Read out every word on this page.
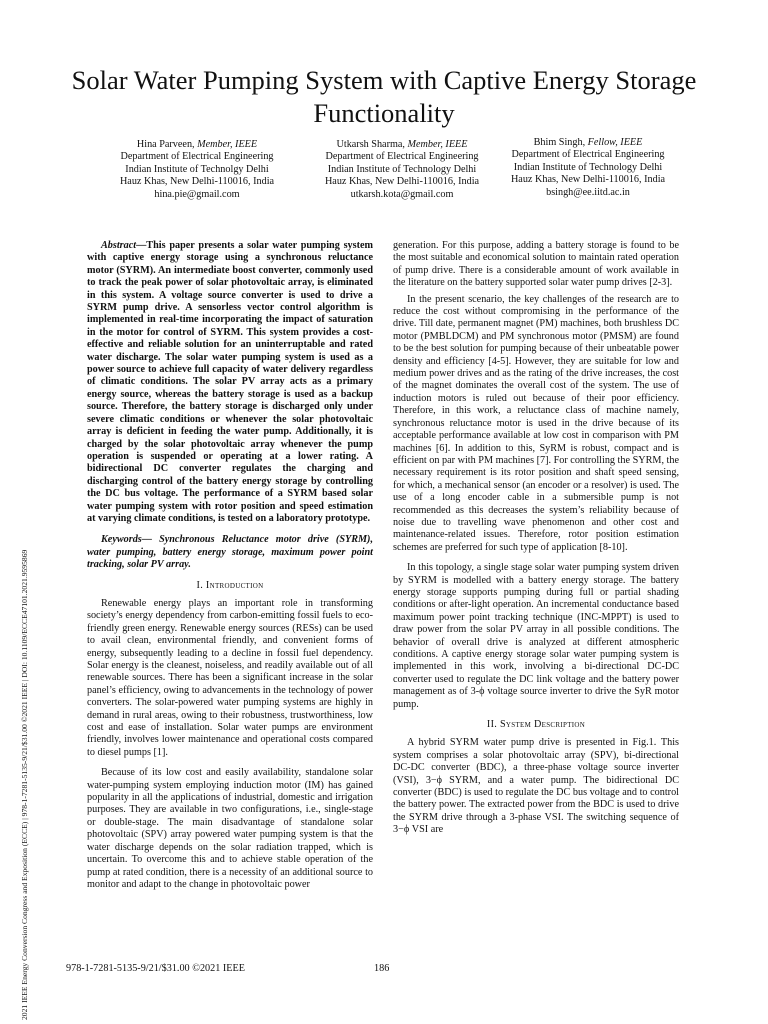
Solar Water Pumping System with Captive Energy Storage Functionality
Hina Parveen, Member, IEEE
Department of Electrical Engineering
Indian Institute of Technolgy Delhi
Hauz Khas, New Delhi-110016, India
hina.pie@gmail.com
Utkarsh Sharma, Member, IEEE
Department of Electrical Engineering
Indian Institute of Technology Delhi
Hauz Khas, New Delhi-110016, India
utkarsh.kota@gmail.com
Bhim Singh, Fellow, IEEE
Department of Electrical Engineering
Indian Institute of Technology Delhi
Hauz Khas, New Delhi-110016, India
bsingh@ee.iitd.ac.in
2021 IEEE Energy Conversion Congress and Exposition (ECCE) | 978-1-7281-5135-9/21/$31.00 ©2021 IEEE | DOI: 10.1109/ECCE47101.2021.9595869

Abstract—This paper presents a solar water pumping system with captive energy storage using a synchronous reluctance motor (SYRM). An intermediate boost converter, commonly used to track the peak power of solar photovoltaic array, is eliminated in this system. A voltage source converter is used to drive a SYRM pump drive. A sensorless vector control algorithm is implemented in real-time incorporating the impact of saturation in the motor for control of SYRM. This system provides a cost-effective and reliable solution for an uninterruptable and rated water discharge. The solar water pumping system is used as a power source to achieve full capacity of water delivery regardless of climatic conditions. The solar PV array acts as a primary energy source, whereas the battery storage is used as a backup source. Therefore, the battery storage is discharged only under severe climatic conditions or whenever the solar photovoltaic array is deficient in feeding the water pump. Additionally, it is charged by the solar photovoltaic array whenever the pump operation is suspended or operating at a lower rating. A bidirectional DC converter regulates the charging and discharging control of the battery energy storage by controlling the DC bus voltage. The performance of a SYRM based solar water pumping system with rotor position and speed estimation at varying climate conditions, is tested on a laboratory prototype.

Keywords— Synchronous Reluctance motor drive (SYRM), water pumping, battery energy storage, maximum power point tracking, solar PV array.

I. Introduction

Renewable energy plays an important role in transforming society’s energy dependency from carbon-emitting fossil fuels to eco-friendly green energy. Renewable energy sources (RESs) can be used to avail clean, environmental friendly, and convenient forms of energy, subsequently leading to a decline in fossil fuel dependency. Solar energy is the cleanest, noiseless, and readily available out of all renewable sources. There has been a significant increase in the solar panel’s efficiency, owing to advancements in the technology of power converters. The solar-powered water pumping systems are highly in demand in rural areas, owing to their robustness, trustworthiness, low cost and ease of installation. Solar water pumps are environment friendly, involves lower maintenance and operational costs compared to diesel pumps [1].

Because of its low cost and easily availability, standalone solar water-pumping system employing induction motor (IM) has gained popularity in all the applications of industrial, domestic and irrigation purposes. They are available in two configurations, i.e., single-stage or double-stage. The main disadvantage of standalone solar photovoltaic (SPV) array powered water pumping system is that the water discharge depends on the solar radiation trapped, which is uncertain. To overcome this and to achieve stable operation of the pump at rated condition, there is a necessity of an additional source to monitor and adapt to the change in photovoltaic power

generation. For this purpose, adding a battery storage is found to be the most suitable and economical solution to maintain rated operation of pump drive. There is a considerable amount of work available in the literature on the battery supported solar water pump drives [2-3].

In the present scenario, the key challenges of the research are to reduce the cost without compromising in the performance of the drive. Till date, permanent magnet (PM) machines, both brushless DC motor (PMBLDCM) and PM synchronous motor (PMSM) are found to be the best solution for pumping because of their unbeatable power density and efficiency [4-5]. However, they are suitable for low and medium power drives and as the rating of the drive increases, the cost of the magnet dominates the overall cost of the system. The use of induction motors is ruled out because of their poor efficiency. Therefore, in this work, a reluctance class of machine namely, synchronous reluctance motor is used in the drive because of its acceptable performance available at low cost in comparison with PM machines [6]. In addition to this, SyRM is robust, compact and is efficient on par with PM machines [7]. For controlling the SYRM, the necessary requirement is its rotor position and shaft speed sensing, for which, a mechanical sensor (an encoder or a resolver) is used. The use of a long encoder cable in a submersible pump is not recommended as this decreases the system’s reliability because of noise due to travelling wave phenomenon and other cost and maintenance-related issues. Therefore, rotor position estimation schemes are preferred for such type of application [8-10].

In this topology, a single stage solar water pumping system driven by SYRM is modelled with a battery energy storage. The battery energy storage supports pumping during full or partial shading conditions or after-light operation. An incremental conductance based maximum power point tracking technique (INC-MPPT) is used to draw power from the solar PV array in all possible conditions. The behavior of overall drive is analyzed at different atmospheric conditions. A captive energy storage solar water pumping system is implemented in this work, involving a bi-directional DC-DC converter used to regulate the DC link voltage and the battery power management as of 3-ϕ voltage source inverter to drive the SyR motor pump.

II. System Description

A hybrid SYRM water pump drive is presented in Fig.1. This system comprises a solar photovoltaic array (SPV), bi-directional DC-DC converter (BDC), a three-phase voltage source inverter (VSI), 3−ϕ SYRM, and a water pump. The bidirectional DC converter (BDC) is used to regulate the DC bus voltage and to control the battery power. The extracted power from the BDC is used to drive the SYRM drive through a 3-phase VSI. The switching sequence of 3−ϕ VSI are

978-1-7281-5135-9/21/$31.00 ©2021 IEEE	186
